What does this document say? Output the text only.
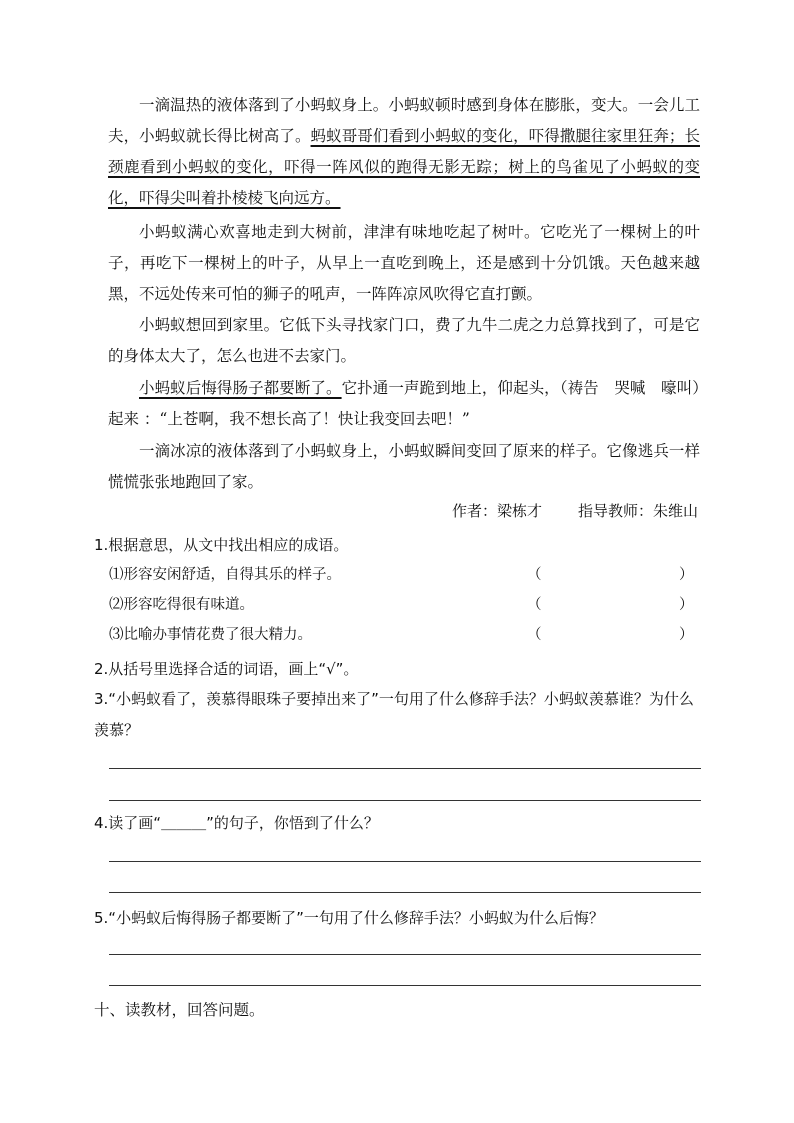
一滴温热的液体落到了小蚂蚁身上。小蚂蚁顿时感到身体在膨胀，变大。一会儿工夫，小蚂蚁就长得比树高了。蚂蚁哥哥们看到小蚂蚁的变化，吓得撒腿往家里狂奔；长颈鹿看到小蚂蚁的变化，吓得一阵风似的跑得无影无踪；树上的鸟雀见了小蚂蚁的变化，吓得尖叫着扑棱棱飞向远方。

小蚂蚁满心欢喜地走到大树前，津津有味地吃起了树叶。它吃光了一棵树上的叶子，再吃下一棵树上的叶子，从早上一直吃到晚上，还是感到十分饥饿。天色越来越黑，不远处传来可怕的狮子的吼声，一阵阵凉风吹得它直打颤。

小蚂蚁想回到家里。它低下头寻找家门口，费了九牛二虎之力总算找到了，可是它的身体太大了，怎么也进不去家门。

小蚂蚁后悔得肠子都要断了。它扑通一声跪到地上，仰起头，（祷告　哭喊　嚎叫）起来 ：“上苍啊，我不想长高了！快让我变回去吧！”

一滴冰凉的液体落到了小蚂蚁身上，小蚂蚁瞬间变回了原来的样子。它像逃兵一样慌慌张张地跑回了家。

作者：梁栋才 指导教师：朱维山
1.根据意思，从文中找出相应的成语。
⑴形容安闲舒适，自得其乐的样子。	（	）
⑵形容吃得很有味道。	（	）
⑶比喻办事情花费了很大精力。	（	）
2.从括号里选择合适的词语，画上“√”。
3.“小蚂蚁看了，羡慕得眼珠子要掉出来了”一句用了什么修辞手法？小蚂蚁羡慕谁？为什么羡慕？
4.读了画“＿＿＿”的句子，你悟到了什么？
5.“小蚂蚁后悔得肠子都要断了”一句用了什么修辞手法？小蚂蚁为什么后悔？
十、读教材，回答问题。
